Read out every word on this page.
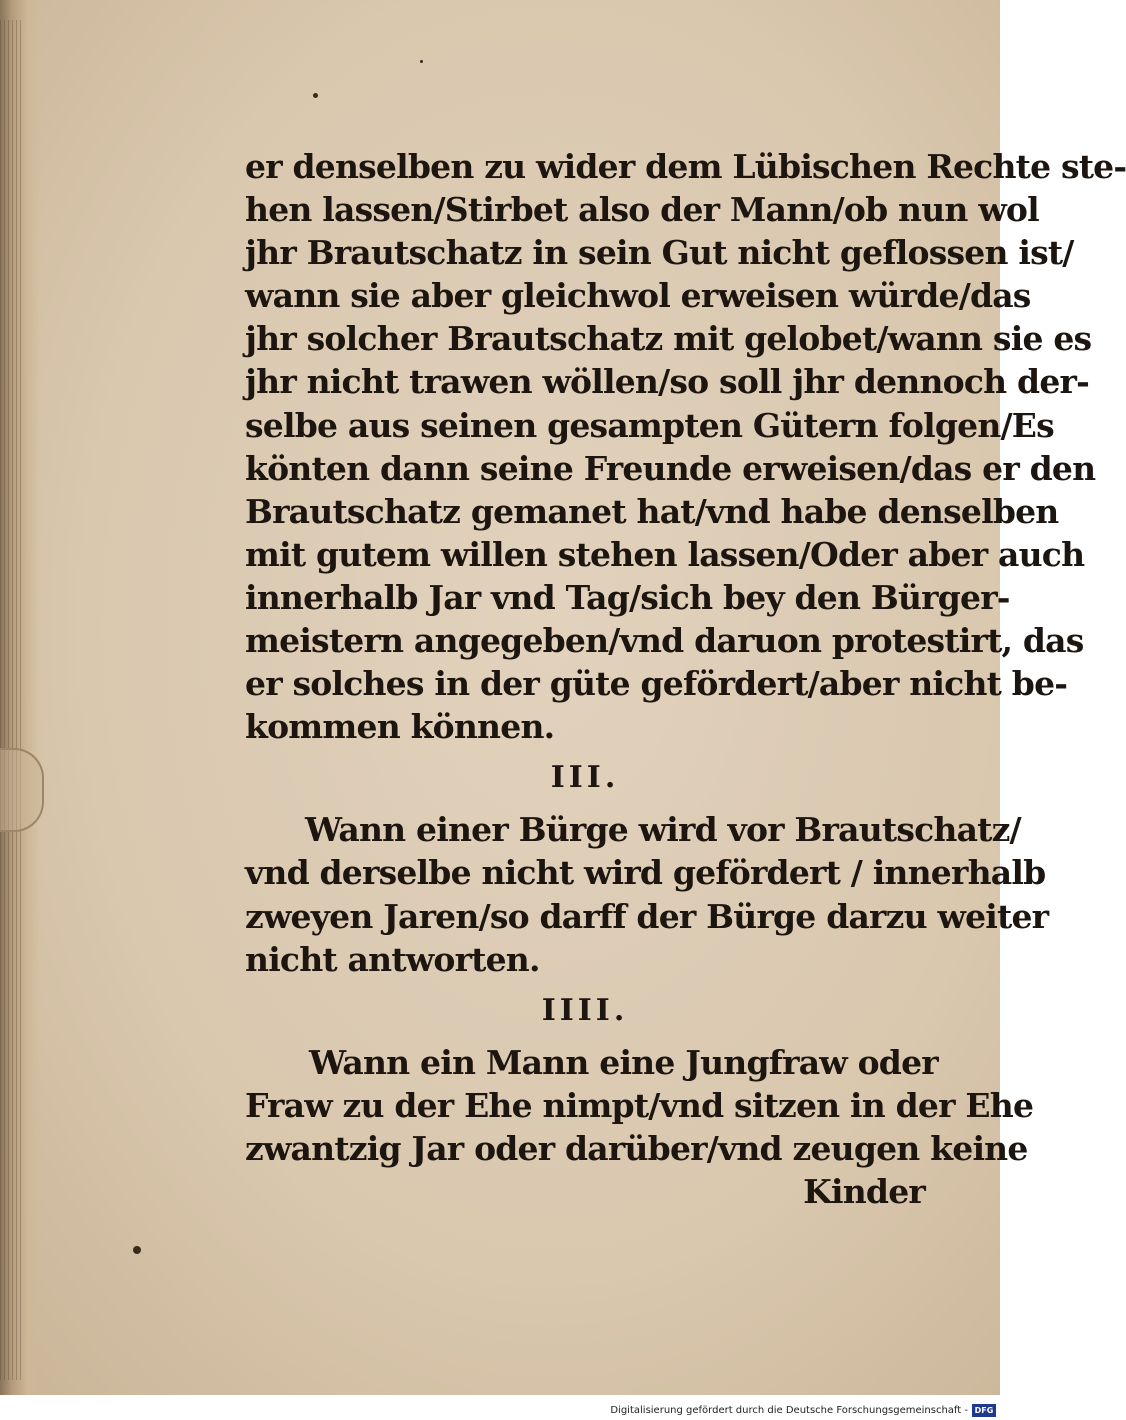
er denselben zu wider dem Lübischen Rechte ste-
hen lassen/Stirbet also der Mann/ob nun wol
jhr Brautschatz in sein Gut nicht geflossen ist/
wann sie aber gleichwol erweisen würde/das
jhr solcher Brautschatz mit gelobet/wann sie es
jhr nicht trawen wöllen/so soll jhr dennoch der-
selbe aus seinen gesampten Gütern folgen/Es
könten dann seine Freunde erweisen/das er den
Brautschatz gemanet hat/vnd habe denselben
mit gutem willen stehen lassen/Oder aber auch
innerhalb Jar vnd Tag/sich bey den Bürger-
meistern angegeben/vnd daruon protestirt, das
er solches in der güte gefördert/aber nicht be-
kommen können.
III.
Wann einer Bürge wird vor Brautschatz/
vnd derselbe nicht wird gefördert / innerhalb
zweyen Jaren/so darff der Bürge darzu weiter
nicht antworten.
IIII.
Wann ein Mann eine Jungfraw oder
Fraw zu der Ehe nimpt/vnd sitzen in der Ehe
zwantzig Jar oder darüber/vnd zeugen keine
Kinder
Digitalisierung gefördert durch die Deutsche Forschungsgemeinschaft - DFG
